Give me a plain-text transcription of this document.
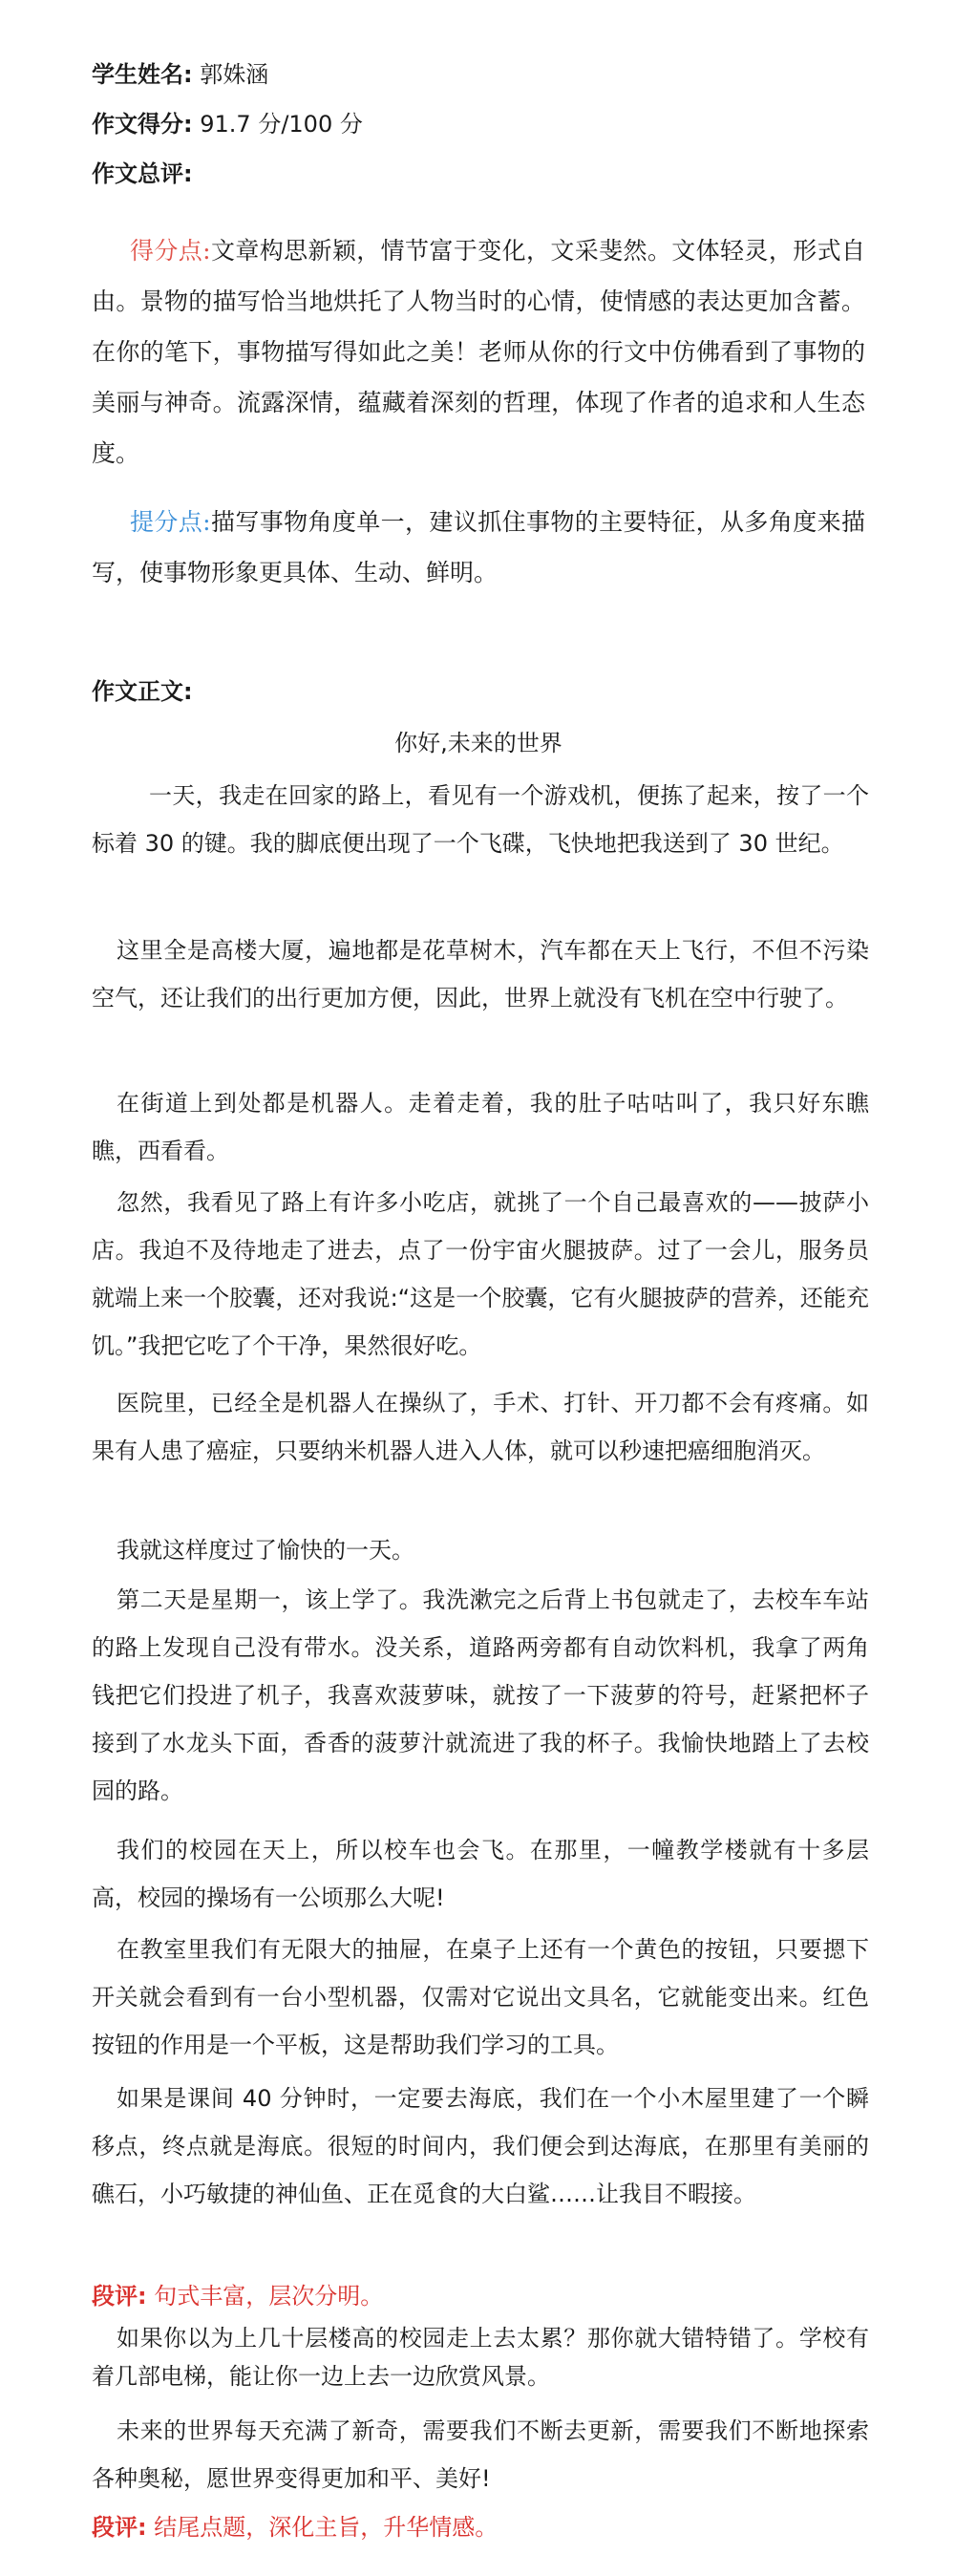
学生姓名: 郭姝涵
作文得分: 91.7 分/100 分
作文总评:
得分点:文章构思新颖，情节富于变化，文采斐然。文体轻灵，形式自由。景物的描写恰当地烘托了人物当时的心情，使情感的表达更加含蓄。在你的笔下，事物描写得如此之美！老师从你的行文中仿佛看到了事物的美丽与神奇。流露深情，蕴藏着深刻的哲理，体现了作者的追求和人生态度。
提分点:描写事物角度单一，建议抓住事物的主要特征，从多角度来描写，使事物形象更具体、生动、鲜明。
作文正文:
你好,未来的世界
一天，我走在回家的路上，看见有一个游戏机，便拣了起来，按了一个标着 30 的键。我的脚底便出现了一个飞碟，飞快地把我送到了 30 世纪。
这里全是高楼大厦，遍地都是花草树木，汽车都在天上飞行，不但不污染空气，还让我们的出行更加方便，因此，世界上就没有飞机在空中行驶了。
在街道上到处都是机器人。走着走着，我的肚子咕咕叫了，我只好东瞧瞧，西看看。
忽然，我看见了路上有许多小吃店，就挑了一个自己最喜欢的——披萨小店。我迫不及待地走了进去，点了一份宇宙火腿披萨。过了一会儿，服务员就端上来一个胶囊，还对我说:“这是一个胶囊，它有火腿披萨的营养，还能充饥。”我把它吃了个干净，果然很好吃。
医院里，已经全是机器人在操纵了，手术、打针、开刀都不会有疼痛。如果有人患了癌症，只要纳米机器人进入人体，就可以秒速把癌细胞消灭。
我就这样度过了愉快的一天。
第二天是星期一，该上学了。我洗漱完之后背上书包就走了，去校车车站的路上发现自己没有带水。没关系，道路两旁都有自动饮料机，我拿了两角钱把它们投进了机子，我喜欢菠萝味，就按了一下菠萝的符号，赶紧把杯子接到了水龙头下面，香香的菠萝汁就流进了我的杯子。我愉快地踏上了去校园的路。
我们的校园在天上，所以校车也会飞。在那里，一幢教学楼就有十多层高，校园的操场有一公顷那么大呢!
在教室里我们有无限大的抽屉，在桌子上还有一个黄色的按钮，只要摁下开关就会看到有一台小型机器，仅需对它说出文具名，它就能变出来。红色按钮的作用是一个平板，这是帮助我们学习的工具。
如果是课间 40 分钟时，一定要去海底，我们在一个小木屋里建了一个瞬移点，终点就是海底。很短的时间内，我们便会到达海底，在那里有美丽的礁石，小巧敏捷的神仙鱼、正在觅食的大白鲨……让我目不暇接。
段评: 句式丰富，层次分明。
如果你以为上几十层楼高的校园走上去太累？那你就大错特错了。学校有着几部电梯，能让你一边上去一边欣赏风景。
未来的世界每天充满了新奇，需要我们不断去更新，需要我们不断地探索各种奥秘，愿世界变得更加和平、美好!
段评: 结尾点题，深化主旨，升华情感。
